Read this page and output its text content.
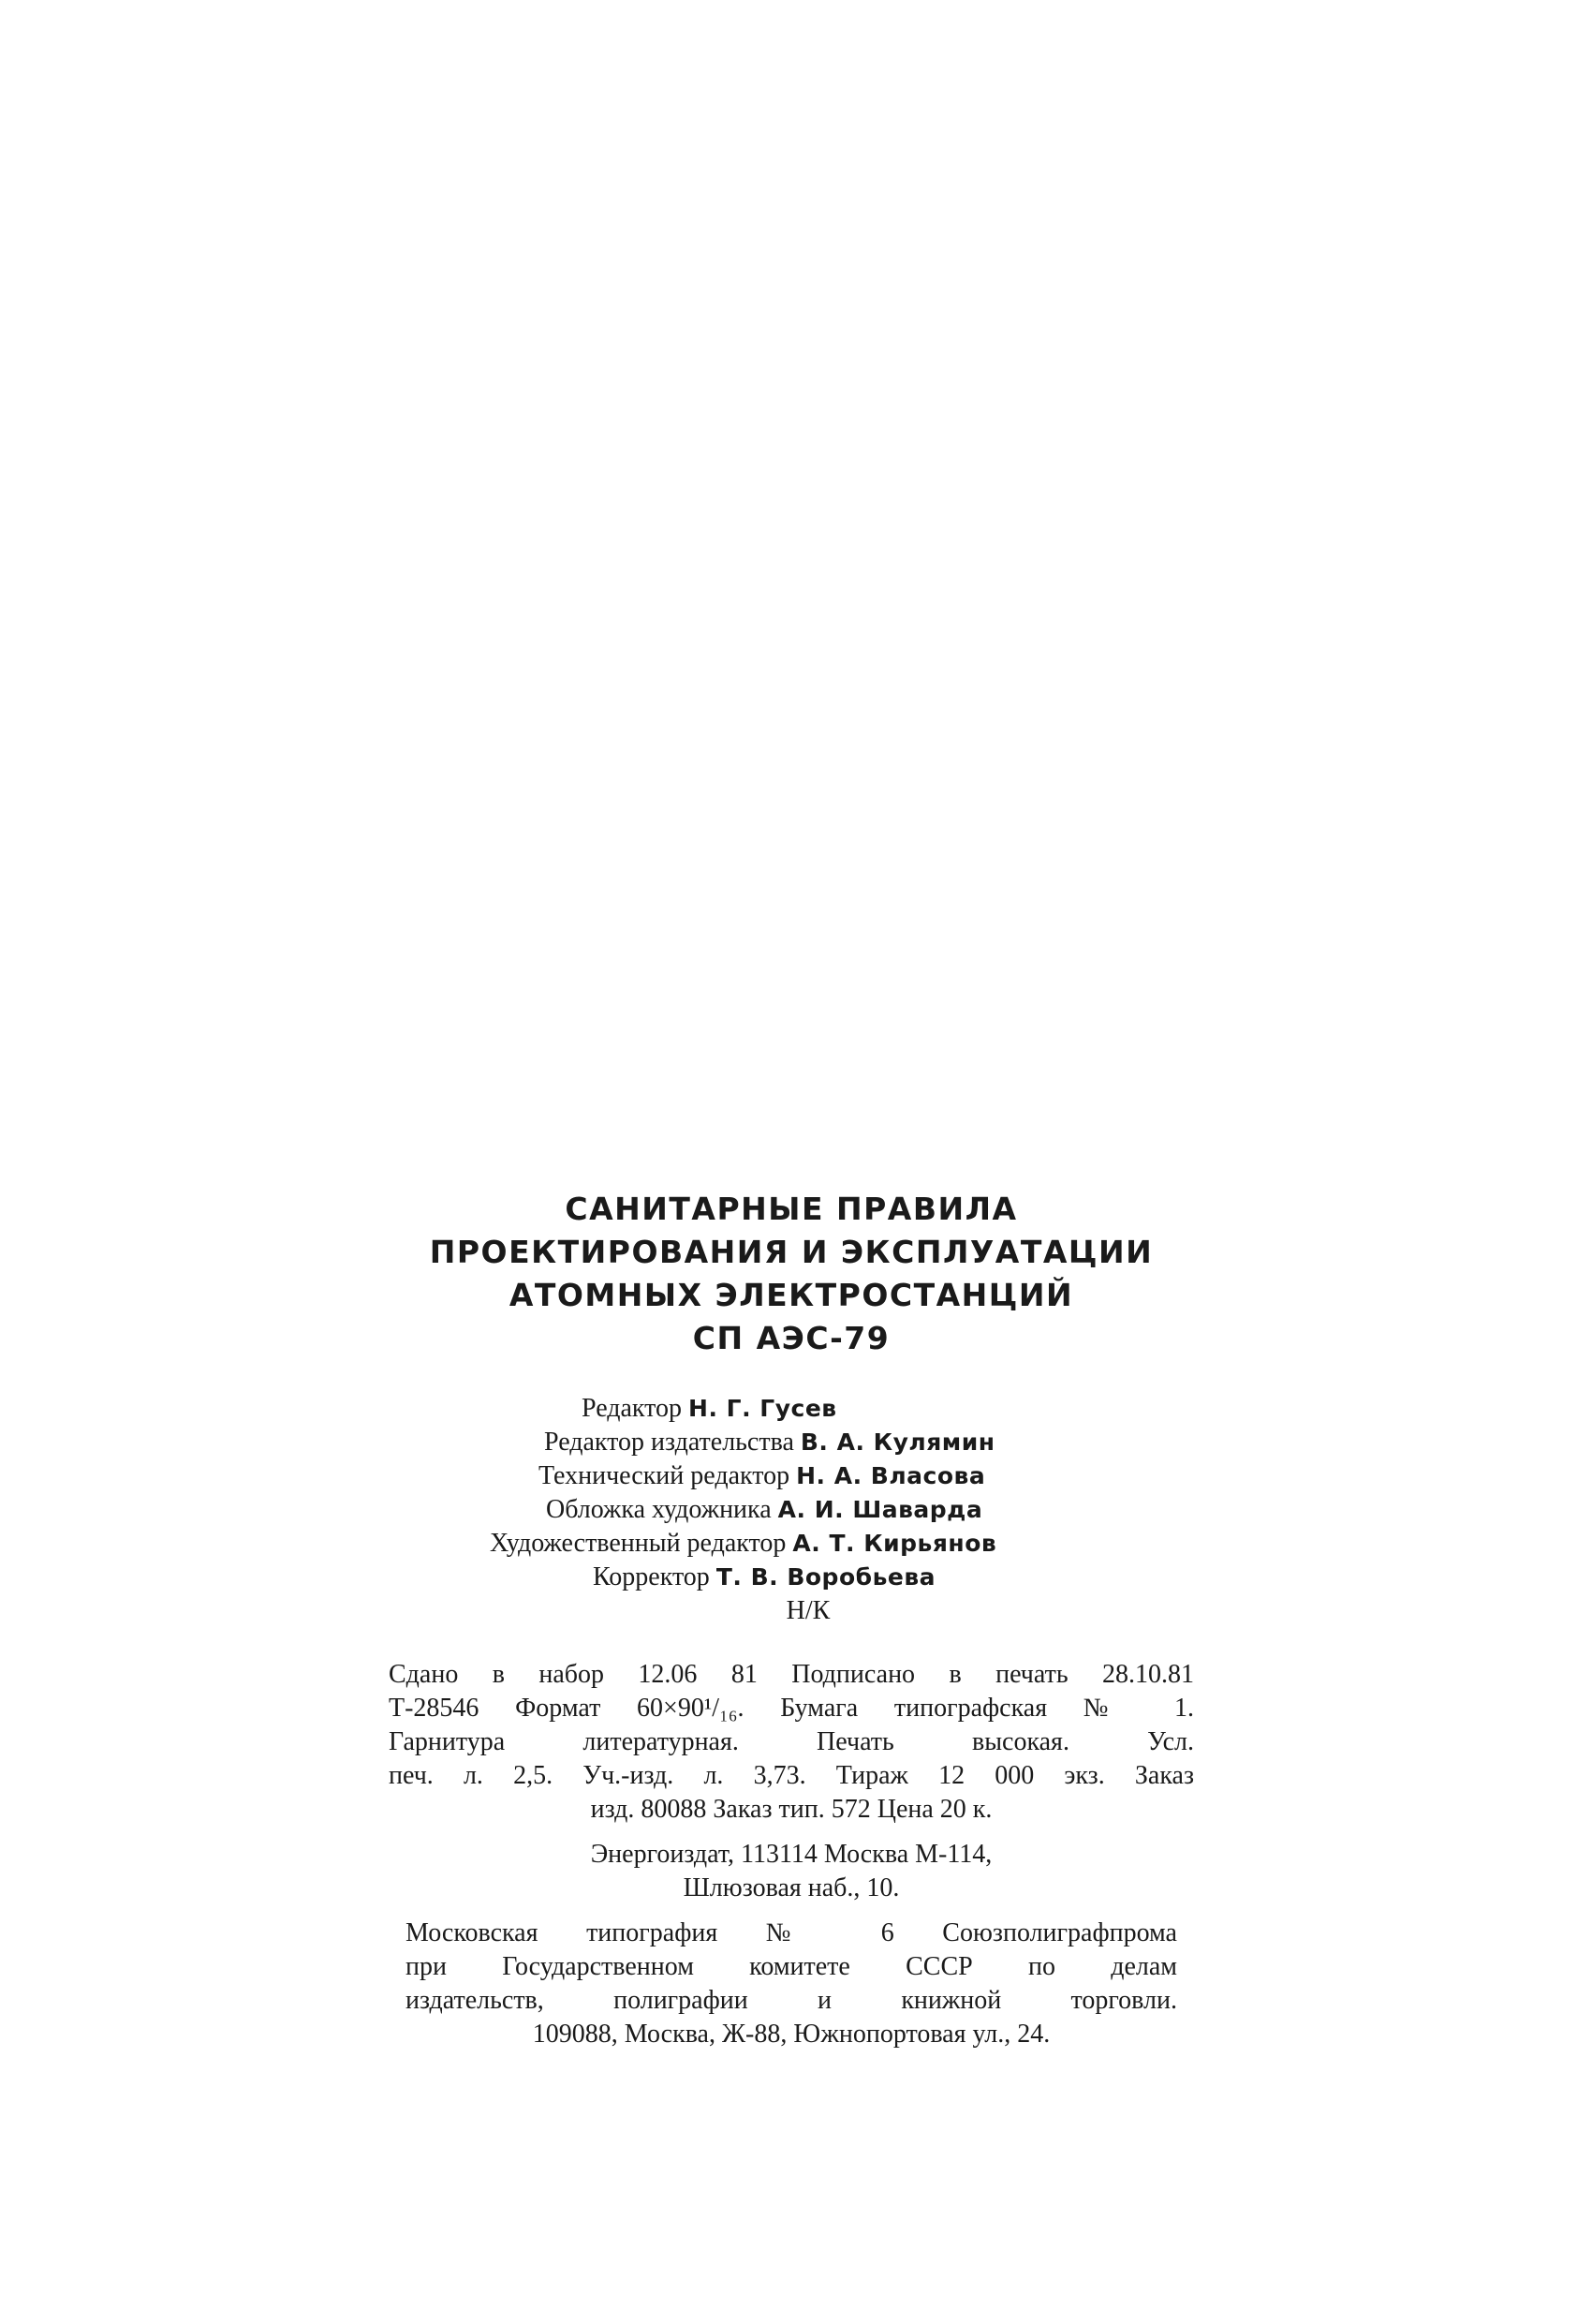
САНИТАРНЫЕ ПРАВИЛА
ПРОЕКТИРОВАНИЯ И ЭКСПЛУАТАЦИИ
АТОМНЫХ ЭЛЕКТРОСТАНЦИЙ
СП АЭС-79
Редактор Н. Г. Гусев
Редактор издательства В. А. Кулямин
Технический редактор Н. А. Власова
Обложка художника А. И. Шаварда
Художественный редактор А. Т. Кирьянов
Корректор Т. В. Воробьева
Н/К
Сдано в набор 12.06 81 Подписано в печать 28.10.81
Т-28546 Формат 60×90¹/₁₆. Бумага типографская № 1.
Гарнитура литературная. Печать высокая. Усл.
печ. л. 2,5. Уч.-изд. л. 3,73. Тираж 12 000 экз. Заказ
изд. 80088 Заказ тип. 572 Цена 20 к.
Энергоиздат, 113114 Москва М-114,
Шлюзовая наб., 10.
Московская типография № 6 Союзполиграфпрома
при Государственном комитете СССР по делам
издательств, полиграфии и книжной торговли.
109088, Москва, Ж-88, Южнопортовая ул., 24.
